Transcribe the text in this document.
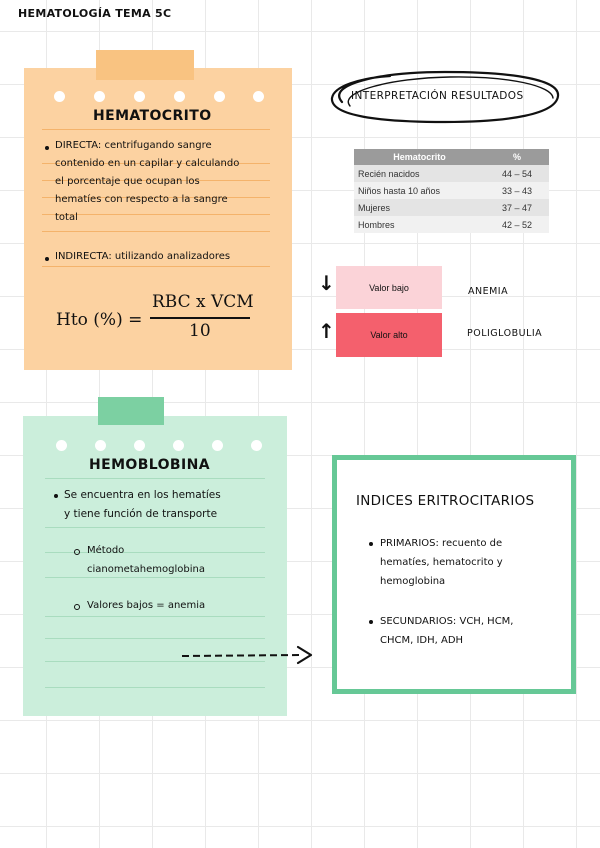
HEMATOLOGÍA TEMA 5C
HEMATOCRITO
DIRECTA: centrifugando sangre
contenido en un capilar y calculando
el porcentaje que ocupan los
hematíes con respecto a la sangre
total
INDIRECTA: utilizando analizadores
Hto (%) =
RBC x VCM
10
INTERPRETACIÓN RESULTADOS
Hematocrito	%
Recién nacidos	44 – 54
Niños hasta 10 años	33 – 43
Mujeres	37 – 47
Hombres	42 – 52
↓
↑
Valor bajo
Valor alto
ANEMIA
POLIGLOBULIA
HEMOBLOBINA
Se encuentra en los hematíes
y tiene función de transporte
Método
cianometahemoglobina
Valores bajos = anemia
INDICES ERITROCITARIOS
PRIMARIOS: recuento de
hematíes, hematocrito y
hemoglobina
SECUNDARIOS: VCH, HCM,
CHCM, IDH, ADH
